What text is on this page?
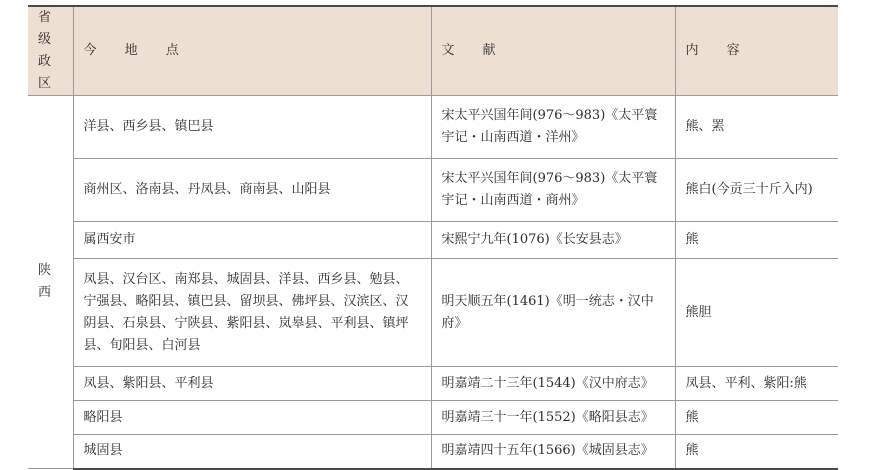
省级
政区	今 地 点	文 献	内 容
陕西	洋县、西乡县、镇巴县	宋太平兴国年间(976～983)《太平寰宇记・山南西道・洋州》	熊、罴
	商州区、洛南县、丹凤县、商南县、山阳县	宋太平兴国年间(976～983)《太平寰宇记・山南西道・商州》	熊白(今贡三十斤入内)
	属西安市	宋熙宁九年(1076)《长安县志》	熊
	凤县、汉台区、南郑县、城固县、洋县、西乡县、勉县、宁强县、略阳县、镇巴县、留坝县、佛坪县、汉滨区、汉阴县、石泉县、宁陕县、紫阳县、岚皋县、平利县、镇坪县、旬阳县、白河县	明天顺五年(1461)《明一统志・汉中府》	熊胆
	凤县、紫阳县、平利县	明嘉靖二十三年(1544)《汉中府志》	凤县、平利、紫阳:熊
	略阳县	明嘉靖三十一年(1552)《略阳县志》	熊
	城固县	明嘉靖四十五年(1566)《城固县志》	熊
